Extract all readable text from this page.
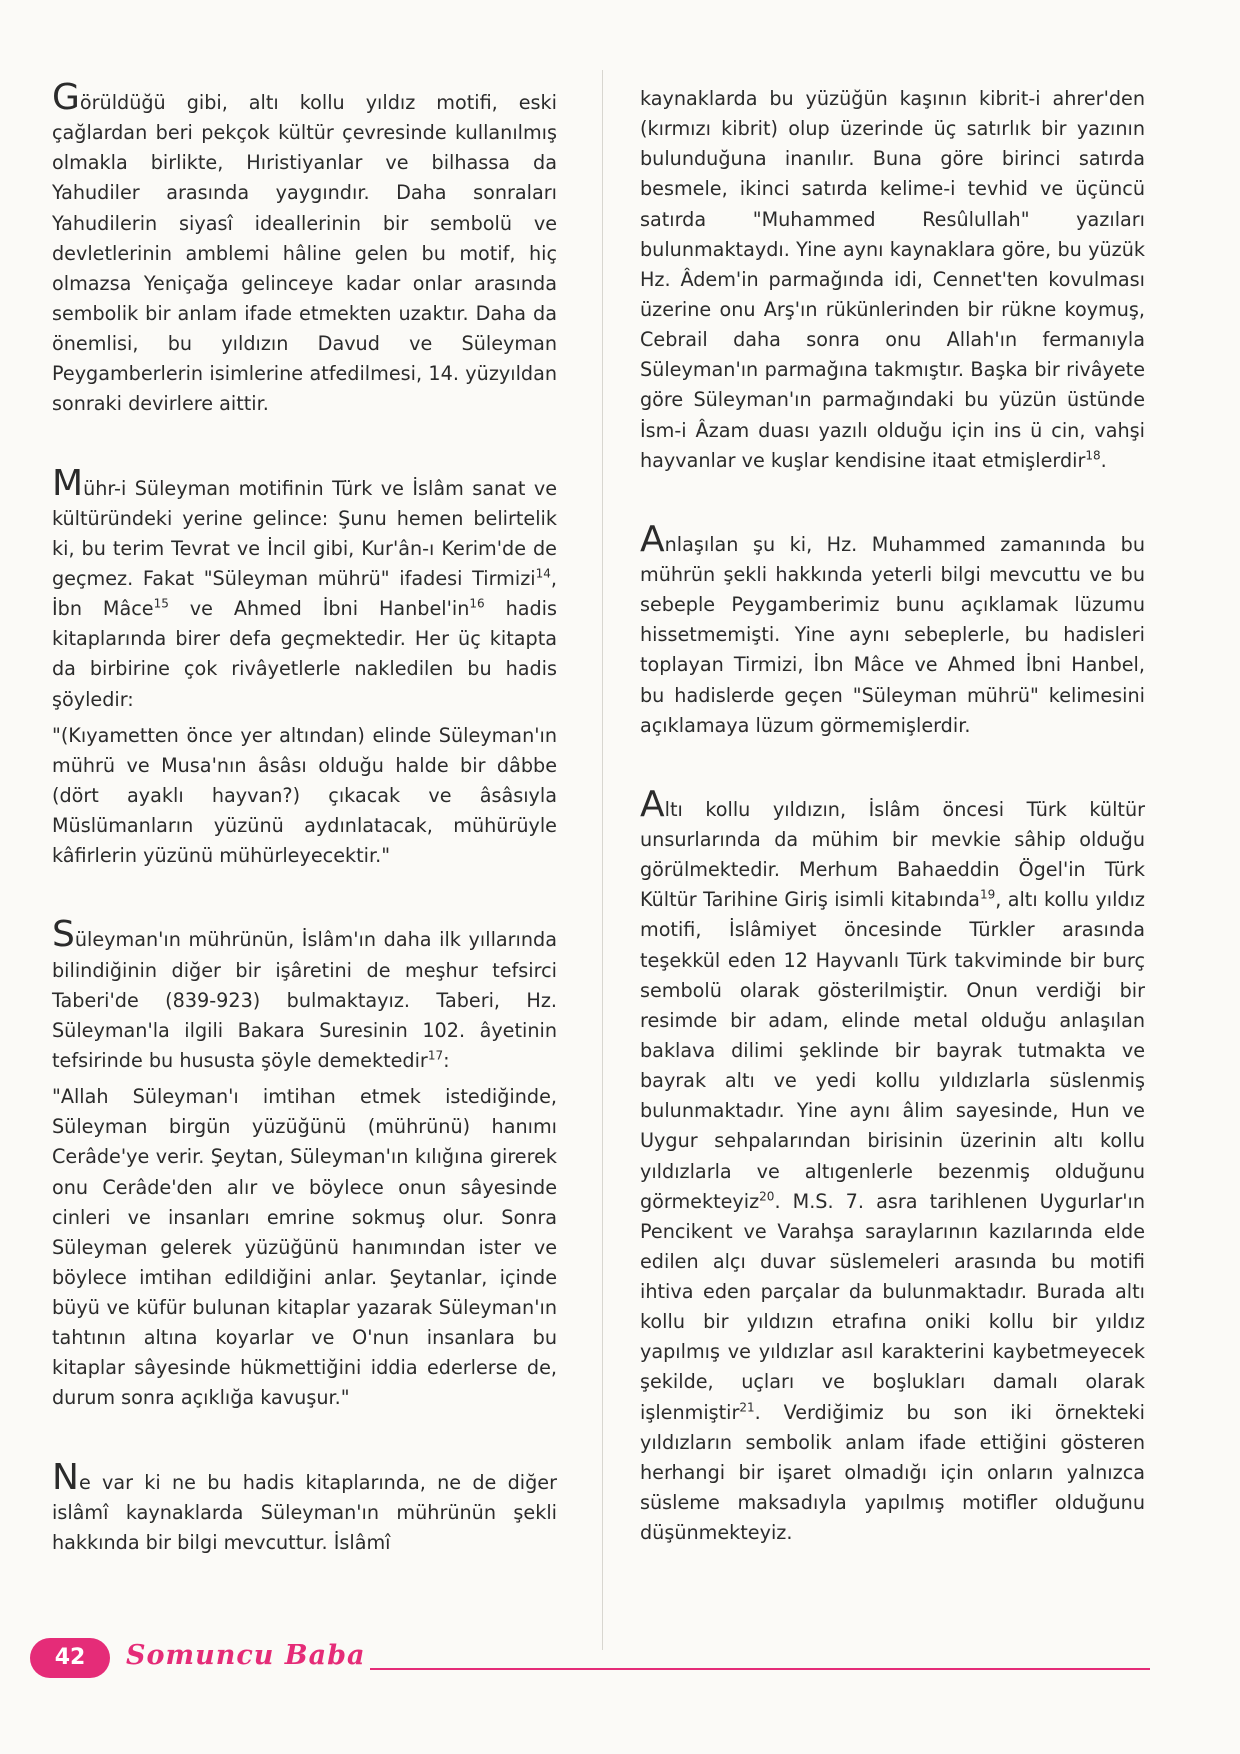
Görüldüğü gibi, altı kollu yıldız motifi, eski çağlardan beri pekçok kültür çevresinde kullanılmış olmakla birlikte, Hıristiyanlar ve bilhassa da Yahudiler arasında yaygındır. Daha sonraları Yahudilerin siyasî ideallerinin bir sembolü ve devletlerinin amblemi hâline gelen bu motif, hiç olmazsa Yeniçağa gelinceye kadar onlar arasında sembolik bir anlam ifade etmekten uzaktır. Daha da önemlisi, bu yıldızın Davud ve Süleyman Peygamberlerin isimlerine atfedilmesi, 14. yüzyıldan sonraki devirlere aittir.

Mühr-i Süleyman motifinin Türk ve İslâm sanat ve kültüründeki yerine gelince: Şunu hemen belirtelik ki, bu terim Tevrat ve İncil gibi, Kur'ân-ı Kerim'de de geçmez. Fakat "Süleyman mührü" ifadesi Tirmizi$^{14}$, İbn Mâce$^{15}$ ve Ahmed İbni $Hanbel'in^{16}$ hadis kitaplarında birer defa geçmektedir. Her üç kitapta da birbirine çok rivâyetlerle nakledilen bu hadis şöyledir:

"(Kıyametten önce yer altından) elinde Süleyman'ın mührü ve Musa'nın âsâsı olduğu halde bir dâbbe (dört ayaklı hayvan?) çıkacak ve âsâsıyla Müslümanların yüzünü aydınlatacak, mühürüyle kâfirlerin yüzünü mühürleyecektir."

Süleyman'ın mührünün, İslâm'ın daha ilk yıllarında bilindiğinin diğer bir işâretini de meşhur tefsirci Taberi'de (839-923) bulmaktayız. Taberi, Hz. Süleyman'la ilgili Bakara Suresinin 102. âyetinin tefsirinde bu hususta şöyle demektedir$^{17}$:

"Allah Süleyman'ı imtihan etmek istediğinde, Süleyman birgün yüzüğünü (mührünü) hanımı Cerâde'ye verir. Şeytan, Süleyman'ın kılığına girerek onu Cerâde'den alır ve böylece onun sâyesinde cinleri ve insanları emrine sokmuş olur. Sonra Süleyman gelerek yüzüğünü hanımından ister ve böylece imtihan edildiğini anlar. Şeytanlar, içinde büyü ve küfür bulunan kitaplar yazarak Süleyman'ın tahtının altına koyarlar ve O'nun insanlara bu kitaplar sâyesinde hükmettiğini iddia ederlerse de, durum sonra açıklığa kavuşur."

Ne var ki ne bu hadis kitaplarında, ne de diğer islâmî kaynaklarda Süleyman'ın mührünün şekli hakkında bir bilgi mevcuttur. İslâmî

kaynaklarda bu yüzüğün kaşının kibrit-i ahrer'den (kırmızı kibrit) olup üzerinde üç satırlık bir yazının bulunduğuna inanılır. Buna göre birinci satırda besmele, ikinci satırda kelime-i tevhid ve üçüncü satırda "Muhammed Resûlullah" yazıları bulunmaktaydı. Yine aynı kaynaklara göre, bu yüzük Hz. Âdem'in parmağında idi, Cennet'ten kovulması üzerine onu Arş'ın rükünlerinden bir rükne koymuş, Cebrail daha sonra onu Allah'ın fermanıyla Süleyman'ın parmağına takmıştır. Başka bir rivâyete göre Süleyman'ın parmağındaki bu yüzün üstünde İsm-i Âzam duası yazılı olduğu için ins ü cin, vahşi hayvanlar ve kuşlar kendisine itaat etmişlerdir$^{18}$.

Anlaşılan şu ki, Hz. Muhammed zamanında bu mührün şekli hakkında yeterli bilgi mevcuttu ve bu sebeple Peygamberimiz bunu açıklamak lüzumu hissetmemişti. Yine aynı sebeplerle, bu hadisleri toplayan Tirmizi, İbn Mâce ve Ahmed İbni Hanbel, bu hadislerde geçen "Süleyman mührü" kelimesini açıklamaya lüzum görmemişlerdir.

Altı kollu yıldızın, İslâm öncesi Türk kültür unsurlarında da mühim bir mevkie sâhip olduğu görülmektedir. Merhum Bahaeddin Ögel'in Türk Kültür Tarihine Giriş isimli kitabında$^{19}$, altı kollu yıldız motifi, İslâmiyet öncesinde Türkler arasında teşekkül eden 12 Hayvanlı Türk takviminde bir burç sembolü olarak gösterilmiştir. Onun verdiği bir resimde bir adam, elinde metal olduğu anlaşılan baklava dilimi şeklinde bir bayrak tutmakta ve bayrak altı ve yedi kollu yıldızlarla süslenmiş bulunmaktadır. Yine aynı âlim sayesinde, Hun ve Uygur sehpalarından birisinin üzerinin altı kollu yıldızlarla ve altıgenlerle bezenmiş olduğunu görmekteyiz$^{20}$. M.S. 7. asra tarihlenen Uygurlar'ın Pencikent ve Varahşa saraylarının kazılarında elde edilen alçı duvar süslemeleri arasında bu motifi ihtiva eden parçalar da bulunmaktadır. Burada altı kollu bir yıldızın etrafına oniki kollu bir yıldız yapılmış ve yıldızlar asıl karakterini kaybetmeyecek şekilde, uçları ve boşlukları damalı olarak işlenmiştir$^{21}$. Verdiğimiz bu son iki örnekteki yıldızların sembolik anlam ifade ettiğini gösteren herhangi bir işaret olmadığı için onların yalnızca süsleme maksadıyla yapılmış motifler olduğunu düşünmekteyiz.

42	Somuncu Baba
